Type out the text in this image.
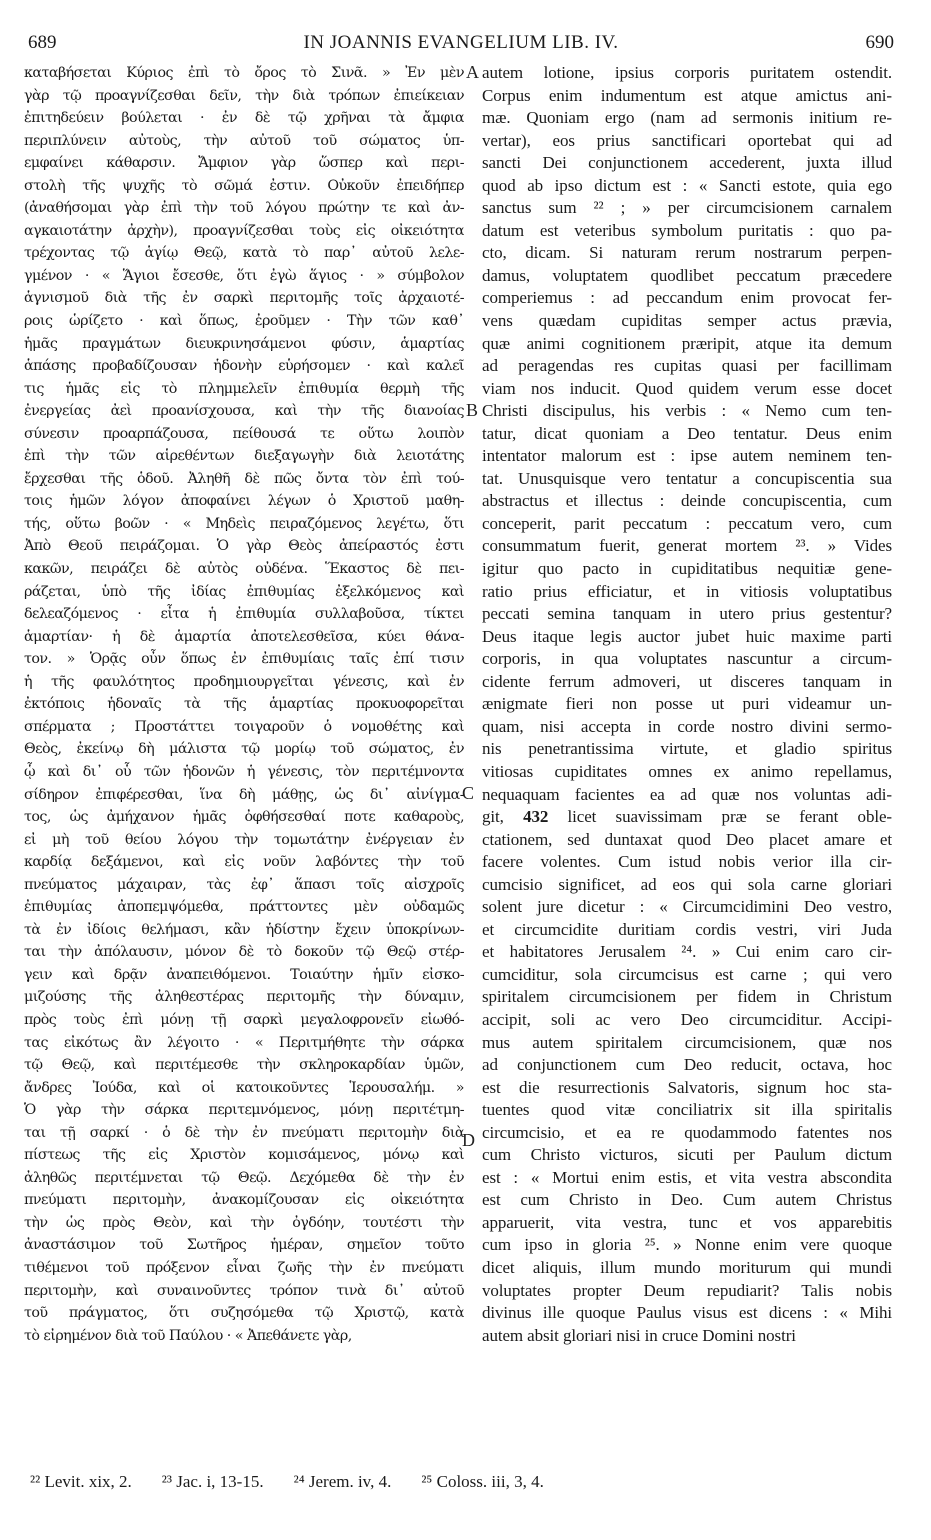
689	IN JOANNIS EVANGELIUM LIB. IV.	690
καταβήσεται Κύριος ἐπὶ τὸ ὄρος τὸ Σινᾶ. » Ἐν μὲν
γὰρ τῷ προαγνίζεσθαι δεῖν, τὴν διὰ τρόπων ἐπιείκειαν
ἐπιτηδεύειν βούλεται · ἐν δὲ τῷ χρῆναι τὰ ἄμφια
περιπλύνειν αὐτοὺς, τὴν αὐτοῦ τοῦ σώματος ὑπ-
εμφαίνει κάθαρσιν. Ἄμφιον γὰρ ὥσπερ καὶ περι-
στολὴ τῆς ψυχῆς τὸ σῶμά ἐστιν. Οὐκοῦν ἐπειδήπερ
(ἀναθήσομαι γὰρ ἐπὶ τὴν τοῦ λόγου πρώτην τε καὶ ἀν-
αγκαιοτάτην ἀρχὴν), προαγνίζεσθαι τοὺς εἰς οἰκειότητα
τρέχοντας τῷ ἁγίῳ Θεῷ, κατὰ τὸ παρ᾽ αὐτοῦ λελε-
γμένον · « Ἅγιοι ἔσεσθε, ὅτι ἐγὼ ἅγιος · » σύμβολον
ἁγνισμοῦ διὰ τῆς ἐν σαρκὶ περιτομῆς τοῖς ἀρχαιοτέ-
ροις ὡρίζετο · καὶ ὅπως, ἐροῦμεν · Τὴν τῶν καθ᾽
ἡμᾶς πραγμάτων διευκρινησάμενοι φύσιν, ἁμαρτίας
ἁπάσης προβαδίζουσαν ἡδονὴν εὑρήσομεν · καὶ καλεῖ
τις ἡμᾶς εἰς τὸ πλημμελεῖν ἐπιθυμία θερμὴ τῆς
ἐνεργείας ἀεὶ προανίσχουσα, καὶ τὴν τῆς διανοίας
σύνεσιν προαρπάζουσα, πείθουσά τε οὕτω λοιπὸν
ἐπὶ τὴν τῶν αἱρεθέντων διεξαγωγὴν διὰ λειοτάτης
ἔρχεσθαι τῆς ὁδοῦ. Ἀληθῆ δὲ πῶς ὄντα τὸν ἐπὶ τού-
τοις ἡμῶν λόγον ἀποφαίνει λέγων ὁ Χριστοῦ μαθη-
τής, οὕτω βοῶν · « Μηδεὶς πειραζόμενος λεγέτω, ὅτι
Ἀπὸ Θεοῦ πειράζομαι. Ὁ γὰρ Θεὸς ἀπείραστός ἐστι
κακῶν, πειράζει δὲ αὐτὸς οὐδένα. Ἕκαστος δὲ πει-
ράζεται, ὑπὸ τῆς ἰδίας ἐπιθυμίας ἐξελκόμενος καὶ
δελεαζόμενος · εἶτα ἡ ἐπιθυμία συλλαβοῦσα, τίκτει
ἁμαρτίαν· ἡ δὲ ἁμαρτία ἀποτελεσθεῖσα, κύει θάνα-
τον. » Ὁρᾷς οὖν ὅπως ἐν ἐπιθυμίαις ταῖς ἐπί τισιν
ἡ τῆς φαυλότητος προδημιουργεῖται γένεσις, καὶ ἐν
ἐκτόποις ἡδοναῖς τὰ τῆς ἁμαρτίας προκυοφορεῖται
σπέρματα ; Προστάττει τοιγαροῦν ὁ νομοθέτης καὶ
Θεὸς, ἐκείνῳ δὴ μάλιστα τῷ μορίῳ τοῦ σώματος, ἐν
ᾧ καὶ δι᾽ οὗ τῶν ἡδονῶν ἡ γένεσις, τὸν περιτέμνοντα
σίδηρον ἐπιφέρεσθαι, ἵνα δὴ μάθῃς, ὡς δι᾽ αἰνίγμα-
τος, ὡς ἀμήχανον ἡμᾶς ὀφθήσεσθαί ποτε καθαροὺς,
εἰ μὴ τοῦ θείου λόγου τὴν τομωτάτην ἐνέργειαν ἐν
καρδίᾳ δεξάμενοι, καὶ εἰς νοῦν λαβόντες τὴν τοῦ
πνεύματος μάχαιραν, τὰς ἐφ᾽ ἅπασι τοῖς αἰσχροῖς
ἐπιθυμίας ἀποπεμψόμεθα, πράττοντες μὲν οὐδαμῶς
τὰ ἐν ἰδίοις θελήμασι, κἂν ἡδίστην ἔχειν ὑποκρίνων-
ται τὴν ἀπόλαυσιν, μόνον δὲ τὸ δοκοῦν τῷ Θεῷ στέρ-
γειν καὶ δρᾷν ἀναπειθόμενοι. Τοιαύτην ἡμῖν εἰσκο-
μιζούσης τῆς ἀληθεστέρας περιτομῆς τὴν δύναμιν,
πρὸς τοὺς ἐπὶ μόνῃ τῇ σαρκὶ μεγαλοφρονεῖν εἰωθό-
τας εἰκότως ἂν λέγοιτο · « Περιτμήθητε τὴν σάρκα
τῷ Θεῷ, καὶ περιτέμεσθε τὴν σκληροκαρδίαν ὑμῶν,
ἄνδρες Ἰούδα, καὶ οἱ κατοικοῦντες Ἱερουσαλήμ. »
Ὁ γὰρ τὴν σάρκα περιτεμνόμενος, μόνῃ περιτέτμη-
ται τῇ σαρκί · ὁ δὲ τὴν ἐν πνεύματι περιτομὴν διὰ
πίστεως τῆς εἰς Χριστὸν κομισάμενος, μόνῳ καὶ
ἀληθῶς περιτέμνεται τῷ Θεῷ. Δεχόμεθα δὲ τὴν ἐν
πνεύματι περιτομὴν, ἀνακομίζουσαν εἰς οἰκειότητα
τὴν ὡς πρὸς Θεὸν, καὶ τὴν ὀγδόην, τουτέστι τὴν
ἀναστάσιμον τοῦ Σωτῆρος ἡμέραν, σημεῖον τοῦτο
τιθέμενοι τοῦ πρόξενον εἶναι ζωῆς τὴν ἐν πνεύματι
περιτομὴν, καὶ συναινοῦντες τρόπον τινὰ δι᾽ αὐτοῦ
τοῦ πράγματος, ὅτι συζησόμεθα τῷ Χριστῷ, κατὰ
τὸ εἰρημένον διὰ τοῦ Παύλου · « Ἀπεθάνετε γὰρ,
autem lotione, ipsius corporis puritatem ostendit.
Corpus enim indumentum est atque amictus ani-
mæ. Quoniam ergo (nam ad sermonis initium re-
vertar), eos prius sanctificari oportebat qui ad
sancti Dei conjunctionem accederent, juxta illud
quod ab ipso dictum est : « Sancti estote, quia ego
sanctus sum ²² ; » per circumcisionem carnalem
datum est veteribus symbolum puritatis : quo pa-
cto, dicam. Si naturam rerum nostrarum perpen-
damus, voluptatem quodlibet peccatum præcedere
comperiemus : ad peccandum enim provocat fer-
vens quædam cupiditas semper actus prævia,
quæ animi cognitionem præripit, atque ita demum
ad peragendas res cupitas quasi per facillimam
viam nos inducit. Quod quidem verum esse docet
Christi discipulus, his verbis : « Nemo cum ten-
tatur, dicat quoniam a Deo tentatur. Deus enim
intentator malorum est : ipse autem neminem ten-
tat. Unusquisque vero tentatur a concupiscentia sua
abstractus et illectus : deinde concupiscentia, cum
conceperit, parit peccatum : peccatum vero, cum
consummatum fuerit, generat mortem ²³. » Vides
igitur quo pacto in cupiditatibus nequitiæ gene-
ratio prius efficiatur, et in vitiosis voluptatibus
peccati semina tanquam in utero prius gestentur?
Deus itaque legis auctor jubet huic maxime parti
corporis, in qua voluptates nascuntur a circum-
cidente ferrum admoveri, ut disceres tanquam in
ænigmate fieri non posse ut puri videamur un-
quam, nisi accepta in corde nostro divini sermo-
nis penetrantissima virtute, et gladio spiritus
vitiosas cupiditates omnes ex animo repellamus,
nequaquam facientes ea ad quæ nos voluntas adi-
git, 432 licet suavissimam præ se ferant oble-
ctationem, sed duntaxat quod Deo placet amare et
facere volentes. Cum istud nobis verior illa cir-
cumcisio significet, ad eos qui sola carne gloriari
solent jure dicetur : « Circumcidimini Deo vestro,
et circumcidite duritiam cordis vestri, viri Juda
et habitatores Jerusalem ²⁴. » Cui enim caro cir-
cumciditur, sola circumcisus est carne ; qui vero
spiritalem circumcisionem per fidem in Christum
accipit, soli ac vero Deo circumciditur. Accipi-
mus autem spiritalem circumcisionem, quæ nos
ad conjunctionem cum Deo reducit, octava, hoc
est die resurrectionis Salvatoris, signum hoc sta-
tuentes quod vitæ conciliatrix sit illa spiritalis
circumcisio, et ea re quodammodo fatentes nos
cum Christo victuros, sicuti per Paulum dictum
est : « Mortui enim estis, et vita vestra abscondita
est cum Christo in Deo. Cum autem Christus
apparuerit, vita vestra, tunc et vos apparebitis
cum ipso in gloria ²⁵. » Nonne enim vere quoque
dicet aliquis, illum mundo moriturum qui mundi
voluptates propter Deum repudiarit? Talis nobis
divinus ille quoque Paulus visus est dicens : « Mihi
autem absit gloriari nisi in cruce Domini nostri
A
B
C
D
²² Levit. xix, 2. ²³ Jac. i, 13-15. ²⁴ Jerem. iv, 4. ²⁵ Coloss. iii, 3, 4.
